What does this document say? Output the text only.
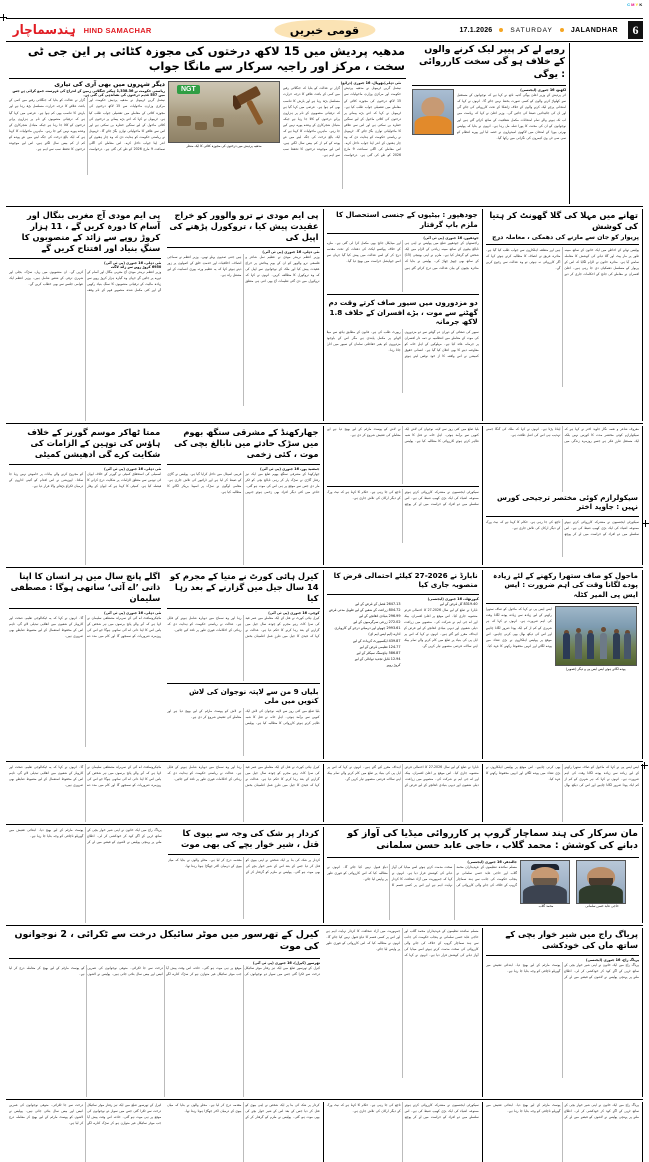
CMYK
ہِندسماچار HIND SAMACHAR	قومی خبریں	17.1.2026	SATURDAY	JALANDHAR	6
مدھیہ پردیش میں 15 لاکھ درختوں کی مجوزہ کٹائی پر این جی ٹی سخت ، مرکز اور راجیہ سرکار سے مانگا جواب
دیگر شہروں میں بھی آری کی تیاری
ریاستی حکومت نے 1,338.36 ہیکٹر جنگلاتی زمین کے اندراج کی فہرست جمع کرائی ہے جس میں 557 قدیم درختوں کی نشاندہی کی گئی ہے۔
نیشنل گرین ٹریبونل نے مدھیہ پردیش حکومت اور مرکزی وزارتِ ماحولیات سے 15 لاکھ درختوں کی مجوزہ کٹائی کے معاملے میں تفصیلی جواب طلب کیا ہے۔ ٹریبونل نے کہا کہ اتنے بڑے پیمانے پر درختوں کی کٹائی ماحول کے لیے سنگین خطرہ بن سکتی ہے اور اس سے علاقے کا ماحولیاتی توازن بگڑ جائے گا۔ ٹریبونل نے ریاستی حکومت کو ہدایت دی کہ وہ چار ہفتوں کے اندر اپنا جواب داخل کرے۔ اس معاملے کی اگلی سماعت 9 مارچ 2026 کو طے کی گئی ہے۔ درخواست گزار نے عدالت کو بتایا کہ جنگلاتی رقبے میں کمی کے باعث علاقے کا درجہ حرارت مسلسل بڑھ رہا ہے اور بارش کا تناسب بھی کم ہوا ہے۔ عرضی میں کہا گیا ہے کہ ترقیاتی منصوبوں کے نام پر ہزاروں پرانے درختوں کو کاٹا جا رہا ہے جبکہ متبادل شجرکاری کے وعدے پورے نہیں کیے جا رہے۔ ماہرینِ ماحولیات کا کہنا ہے کہ ایک بالغ درخت کی جگہ لینے میں نئے پودے کو کم از کم بیس سال لگتے ہیں، اس لیے موجودہ درختوں کا تحفظ سب سے اہم ہے۔
NGT
مدھیہ پردیش میں درختوں کی مجوزہ کٹائی کا ایک منظر
نئی دہلی/بھوپال، 16 جنوری (ذرائع)
نیشنل گرین ٹریبونل نے مدھیہ پردیش حکومت اور مرکزی وزارتِ ماحولیات سے 15 لاکھ درختوں کی مجوزہ کٹائی کے معاملے میں تفصیلی جواب طلب کیا ہے۔ ٹریبونل نے کہا کہ اتنے بڑے پیمانے پر درختوں کی کٹائی ماحول کے لیے سنگین خطرہ بن سکتی ہے اور اس سے علاقے کا ماحولیاتی توازن بگڑ جائے گا۔ ٹریبونل نے ریاستی حکومت کو ہدایت دی کہ وہ چار ہفتوں کے اندر اپنا جواب داخل کرے۔ اس معاملے کی اگلی سماعت 9 مارچ 2026 کو طے کی گئی ہے۔ درخواست گزار نے عدالت کو بتایا کہ جنگلاتی رقبے میں کمی کے باعث علاقے کا درجہ حرارت مسلسل بڑھ رہا ہے اور بارش کا تناسب بھی کم ہوا ہے۔ عرضی میں کہا گیا ہے کہ ترقیاتی منصوبوں کے نام پر ہزاروں پرانے درختوں کو کاٹا جا رہا ہے جبکہ متبادل شجرکاری کے وعدے پورے نہیں کیے جا رہے۔ ماہرینِ ماحولیات کا کہنا ہے کہ ایک بالغ درخت کی جگہ لینے میں نئے پودے کو کم از کم بیس سال لگتے ہیں، اس لیے موجودہ درختوں کا تحفظ سب سے اہم ہے۔
روپے لے کر پیپر لیک کرنے والوں کے خلاف ہو گی سخت کارروائی : یوگی
لکھنؤ، 16 جنوری (ایجنسی)
اتر پردیش کے وزیر اعلیٰ یوگی آدتیہ ناتھ نے کہا ہے کہ نوجوانوں کے مستقبل سے کھلواڑ کرنے والوں کو کسی صورت بخشا نہیں جائے گا۔ انہوں نے کہا کہ امتحانی پرچے لیک کرنے والوں کے خلاف رَاسُکا کے تحت کارروائی کی جائے گی اور ان کی جائیدادیں ضبط کی جائیں گی۔ وزیر اعلیٰ نے کہا کہ ریاست میں اب تک ہونے والے تمام امتحانات مکمل شفافیت کے ساتھ کرائے گئے ہیں اور نوجوانوں کو ان کی محنت کا پورا صلہ مل رہا ہے۔ انہوں نے بتایا کہ پولیس بھرتی بورڈ کے امتحان میں لاکھوں امیدواروں نے حصہ لیا اور پورے انتظام کو سی سی ٹی وی کیمروں کی نگرانی میں رکھا گیا۔
پی ایم مودی آج مغربی بنگال اور آسام کا دورہ کریں گے ، 11 ہزار کروڑ روپے سے زائد کے منصوبوں کا سنگِ بنیاد اور افتتاح کریں گے
نئی دہلی، 16 جنوری (پی ٹی آئی)
6950 کروڑ روپے سے زائد لاگت
وزیر اعظم نریندر مودی آج مغربی بنگال اور آسام کے دورے پر جائیں گے جہاں وہ گیارہ ہزار کروڑ روپے سے زیادہ مالیت کے ترقیاتی منصوبوں کا سنگِ بنیاد رکھیں گے اور کئی مکمل شدہ منصوبے قوم کے نام وقف کریں گے۔ ان منصوبوں میں ریل، سڑک، بجلی اور شہری ترقی کے شعبے شامل ہیں۔ وزیر اعظم ایک عوامی جلسے سے بھی خطاب کریں گے۔
پی ایم مودی نے ترو والوور کو خراج عقیدت پیش کیا ، تروکورل پڑھنے کی اپیل کی
نئی دہلی، 16 جنوری (پی ٹی آئی)
وزیر اعظم نریندر مودی نے عظیم تمل شاعر و فلسفی ترو والوور کو ان کے یومِ پیدائش پر خراج عقیدت پیش کیا اور ملک کے نوجوانوں سے اپیل کی کہ وہ تروکورل کا مطالعہ کریں۔ انہوں نے کہا کہ تروکورل میں دی گئی تعلیمات آج بھی اتنی ہی متعلق ہیں جتنی صدیوں پہلے تھیں۔ وزیر اعظم نے سماجی انصاف، اخلاقیات اور خدمتِ خلق کے اصولوں پر زور دیتے ہوئے کہا کہ یہ عظیم ورثہ پوری انسانیت کے لیے مشعلِ راہ ہے۔
جودھپور : بیٹیوں کے جنسی استحصال کا ملزم باپ گرفتار
جودھپور، 16 جنوری (پی ٹی آئی)
راجستھان کے جودھپور ضلع میں پولیس نے اپنی ہی نابالغ بیٹیوں کے ساتھ مبینہ زیادتی کے الزام میں ایک شخص کو گرفتار کیا ہے۔ ملزم نے اپنی بھتیجی (15) کے ساتھ بھی چھیڑ چھاڑ کی۔ پولیس نے بتایا کہ متاثرہ بچیوں کے بیان عدالت میں درج کرائے گئے ہیں اور میڈیکل جانچ بھی مکمل کرا لی گئی ہے۔ ملزم کے خلاف پوکسو ایکٹ کی دفعات کے تحت مقدمہ درج کر کے اسے عدالت میں پیش کیا گیا جہاں سے اسے جوڈیشل حراست میں بھیج دیا گیا۔
دو مزدوروں میں سیور صاف کرتے وقت دم گھٹنے سے موت ، بڑے افسران کے خلاف 1.8 لاکھ جرمانہ
سیور کی صفائی کے دوران دم گھٹنے سے دو مزدوروں کی موت کے معاملے میں انتظامیہ نے ذمہ دار افسران پر جرمانہ عائد کیا ہے۔ مہلوکین کے اہلِ خانہ کو معاوضہ دینے کا بھی اعلان کیا گیا ہے۔ انسانی حقوق کمیشن نے اس واقعہ کا از خود نوٹس لیتے ہوئے رپورٹ طلب کی ہے۔ قانون کے مطابق ہاتھ سے میلا اٹھانے پر مکمل پابندی ہے مگر اس کے باوجود مزدوروں کو بغیر حفاظتی سامان کے سیور میں اتارا جاتا رہا۔
تھانے میں مہلا کی گلا گھونٹ کر ہتیا کی کوشش
پریوار کو جان سے مارنے کی دھمکی ، معاملہ درج
پولیس تھانے کے احاطے میں ایک خاتون کے ساتھ مبینہ طور پر مار پیٹ اور گلا دبانے کی کوشش کا معاملہ سامنے آیا ہے۔ متاثرہ خاتون نے الزام لگایا کہ اس کے پریوار کو مسلسل دھمکیاں دی جا رہی ہیں۔ اعلیٰ افسران نے معاملے کی جانچ کے احکامات جاری کر دیے ہیں اور متعلقہ اہلکاروں سے جواب طلب کیا گیا ہے۔ متاثرہ فریق نے انصاف کا مطالبہ کرتے ہوئے کہا کہ اگر کارروائی نہ ہوئی تو وہ عدالت سے رجوع کریں گے۔
ممتا ٹھاکر موسم گورنر کے خلاف ہاؤس کی توہین کے الزامات کی شکایت کرے گی ادھیشن کمیٹی
نئی دہلی، 16 جنوری (پی ٹی آئی)
اسمبلی کی استحقاق کمیٹی نے گورنر کے خلاف ایوان کی توہین سے متعلق الزامات پر شکایت درج کرانے کا فیصلہ کیا ہے۔ کمیٹی کا کہنا ہے کہ ایوان کے وقار کو مجروح کرنے والے بیانات پر خاموش نہیں رہا جا سکتا۔ اپوزیشن نے اس اقدام کو آئینی اداروں کے درمیان ٹکراؤ بڑھانے والا قرار دیا ہے۔
جھارکھنڈ کے مشرقی سنگھ بھوم میں سڑک حادثے میں نابالغ بچی کی موت ، کئی زخمی
جمشید پور، 16 جنوری (پی ٹی آئی)
جھارکھنڈ کے مشرقی سنگھ بھوم ضلع میں ایک تیز رفتار گاڑی نے سڑک پار کر رہی نابالغ بچی کو ٹکر مار دی جس سے موقع پر ہی اس کی موت ہو گئی۔ حادثے میں کئی دیگر افراد بھی زخمی ہوئے جنہیں قریبی اسپتال میں داخل کرایا گیا ہے۔ پولیس نے گاڑی کو ضبط کر لیا ہے اور ڈرائیور کی تلاش جاری ہے۔ مقامی لوگوں نے سڑک پر اسپیڈ بریکر لگانے کا مطالبہ کیا ہے۔
بلیا ضلع میں کئی روز سے لاپتہ نوجوان کی لاش ایک کنویں سے برآمد ہوئی۔ اہلِ خانہ نے قتل کا شبہ ظاہر کرتے ہوئے کارروائی کا مطالبہ کیا ہے۔ پولیس نے لاش کو پوسٹ مارٹم کے لیے بھیج دیا ہے اور معاملے کی تفتیش شروع کر دی ہے۔
سیکورٹی ایجنسیوں نے مشترکہ کارروائی کرتے ہوئے ممنوعہ اشیاء کی ایک بڑی کھیپ ضبط کی ہے۔ اس سلسلے میں دو افراد کو حراست میں لے کر پوچھ تاچھ کی جا رہی ہے۔ حکام کا کہنا ہے کہ نیٹ ورک کے دیگر ارکان کی تلاش جاری ہے۔
معروف شاعر و نغمہ نگار جاوید اختر نے کہا ہے کہ سیکولرازم کوئی مختصر مدت کا کورس نہیں بلکہ ایک مستقل طرزِ فکر ہے جسے روزمرہ زندگی میں اپنانا پڑتا ہے۔ انہوں نے کہا کہ ملک کی گنگا جمنی تہذیب ہی اس کی اصل طاقت ہے۔
سیکولرازم کوئی مختصر ترجیحی کورس نہیں : جاوید اختر
سیکورٹی ایجنسیوں نے مشترکہ کارروائی کرتے ہوئے ممنوعہ اشیاء کی ایک بڑی کھیپ ضبط کی ہے۔ اس سلسلے میں دو افراد کو حراست میں لے کر پوچھ تاچھ کی جا رہی ہے۔ حکام کا کہنا ہے کہ نیٹ ورک کے دیگر ارکان کی تلاش جاری ہے۔
اگلے پانچ سال میں ہر انسان کا اپنا ذاتی ’اے آئی‘ ساتھی ہوگا : مصطفی سلیمان
نئی دہلی، 16 جنوری (پی ٹی آئی)
مائیکروسافٹ اے آئی کے سربراہ مصطفی سلیمان نے کہا ہے کہ آنے والے پانچ برسوں میں ہر شخص کے پاس اس کا اپنا ذاتی اے آئی ساتھی ہوگا جو اس کی روزمرہ ضروریات کو سمجھے گا اور کام میں مدد دے گا۔ انہوں نے کہا کہ یہ ٹیکنالوجی تعلیم، صحت اور کاروبار کے شعبوں میں انقلابی تبدیلی لائے گی، تاہم اس کے محفوظ استعمال کے لیے مضبوط ضابطے بھی ضروری ہیں۔
کیرل ہائی کورٹ نے متیا کے مجرم کو 14 سال جیل میں گزارنے کے بعد رہا کیا
کوچی، 16 جنوری (پی ٹی آئی)
کیرل ہائی کورٹ نے قتل کے ایک معاملے میں عمر قید کی سزا کاٹ رہے مجرم کو چودہ سال جیل میں گزارنے کے بعد رہا کرنے کا حکم دیا ہے۔ عدالت نے کہا کہ قیدی کا جیل میں طرزِ عمل اطمینان بخش رہا اور وہ سماج میں دوبارہ شامل ہونے کے قابل ہے۔ عدالت نے ریاستی حکومت کو ہدایت دی کہ رہائی کے احکامات فوری طور پر نافذ کیے جائیں۔
بلیاں 9 من سے لاپتہ نوجوان کی لاش کنویں میں ملی
بلیا ضلع میں کئی روز سے لاپتہ نوجوان کی لاش ایک کنویں سے برآمد ہوئی۔ اہلِ خانہ نے قتل کا شبہ ظاہر کرتے ہوئے کارروائی کا مطالبہ کیا ہے۔ پولیس نے لاش کو پوسٹ مارٹم کے لیے بھیج دیا ہے اور معاملے کی تفتیش شروع کر دی ہے۔
نابارڈ نے 2026-27 کیلئے احتمالی قرض کا منصوبہ جاری کیا
کپورتھلہ، 16 جنوری (ایجنسی)
2647.13 فصل کے قرض کے لیے
804.72 زراعت کے شعبے کے لیے طویل مدتی قرض
296.99 بنیادی ڈھانچے کے لیے
272.02 زرعی سرگرمیوں کے لیے
2993.61 چھوٹے اور درمیانے درجے کے کاروباری ادارے (ایم ایس ایم ای)
439.87 ایکسپورٹ کریڈٹ کے لیے
124.77 تعلیمی قرض کے لیے
586.87 ہاؤسنگ سیکٹر کے لیے
12.94 قابلِ تجدید توانائی کے لیے
کروڑ روپے
8319.40 کل قرض کے لیے
نابارڈ نے ضلع کے لیے سال 2026-27 کا احتمالی قرض منصوبہ جاری کیا۔ اس موقع پر اعلیٰ افسران، بینک اور اے جی ایم نے شرکت کی۔ منصوبے میں زراعت، ذیلی شعبوں اور دیہی بنیادی ڈھانچے کے لیے قرض کے اہداف مقرر کیے گئے ہیں۔ انہوں نے کہا کہ اس پی ایل پی کی بنیاد پر ضلع میں کام کرنے والے تمام بینک اپنے سالانہ قرضی منصوبے تیار کریں گے۔
ماحول کو صاف ستھرا رکھنے کے لئے زیادہ پودے لگانا وقت کی اہم ضرورت : ایس ایس پی المیر کٹلہ
ایس ایس پی نے کہا کہ ماحول کو صاف ستھرا رکھنے کے لیے زیادہ سے زیادہ پودے لگانا وقت کی اہم ضرورت ہے۔ انہوں نے کہا کہ ہر شہری کو کم از کم ایک پودا ضرور لگانا چاہیے اور اس کی دیکھ بھال بھی کرنی چاہیے۔ اس موقع پر پولیس اہلکاروں نے بڑی تعداد میں پودے لگائے اور انہیں محفوظ رکھنے کا عہد کیا۔
پودے لگاتے ہوئے ایس ایس پی و دیگر (تصویر)
مائیکروسافٹ اے آئی کے سربراہ مصطفی سلیمان نے کہا ہے کہ آنے والے پانچ برسوں میں ہر شخص کے پاس اس کا اپنا ذاتی اے آئی ساتھی ہوگا جو اس کی روزمرہ ضروریات کو سمجھے گا اور کام میں مدد دے گا۔ انہوں نے کہا کہ یہ ٹیکنالوجی تعلیم، صحت اور کاروبار کے شعبوں میں انقلابی تبدیلی لائے گی، تاہم اس کے محفوظ استعمال کے لیے مضبوط ضابطے بھی ضروری ہیں۔
کیرل ہائی کورٹ نے قتل کے ایک معاملے میں عمر قید کی سزا کاٹ رہے مجرم کو چودہ سال جیل میں گزارنے کے بعد رہا کرنے کا حکم دیا ہے۔ عدالت نے کہا کہ قیدی کا جیل میں طرزِ عمل اطمینان بخش رہا اور وہ سماج میں دوبارہ شامل ہونے کے قابل ہے۔ عدالت نے ریاستی حکومت کو ہدایت دی کہ رہائی کے احکامات فوری طور پر نافذ کیے جائیں۔
نابارڈ نے ضلع کے لیے سال 2026-27 کا احتمالی قرض منصوبہ جاری کیا۔ اس موقع پر اعلیٰ افسران، بینک اور اے جی ایم نے شرکت کی۔ منصوبے میں زراعت، ذیلی شعبوں اور دیہی بنیادی ڈھانچے کے لیے قرض کے اہداف مقرر کیے گئے ہیں۔ انہوں نے کہا کہ اس پی ایل پی کی بنیاد پر ضلع میں کام کرنے والے تمام بینک اپنے سالانہ قرضی منصوبے تیار کریں گے۔
ایس ایس پی نے کہا کہ ماحول کو صاف ستھرا رکھنے کے لیے زیادہ سے زیادہ پودے لگانا وقت کی اہم ضرورت ہے۔ انہوں نے کہا کہ ہر شہری کو کم از کم ایک پودا ضرور لگانا چاہیے اور اس کی دیکھ بھال بھی کرنی چاہیے۔ اس موقع پر پولیس اہلکاروں نے بڑی تعداد میں پودے لگائے اور انہیں محفوظ رکھنے کا عہد کیا۔
پریاگ راج میں ایک خاتون نے اپنی شیر خوار بچی کے ساتھ ٹرین کے آگے کود کر خودکشی کر لی۔ اطلاع ملنے پر پہنچی پولیس نے لاشوں کو قبضے میں لے کر پوسٹ مارٹم کے لیے بھیج دیا۔ ابتدائی تفتیش میں گھریلو ناچاقی کو وجہ بتایا جا رہا ہے۔	کردار پر شک کی وجہ سے بیوی کا قتل ، شیر خوار بچے کی بھی موت
کردار پر شک کی بنا پر ایک شخص نے اپنی بیوی کو قتل کر دیا جس کے بعد اس کے شیر خوار بچے کی بھی موت ہو گئی۔ پولیس نے ملزم کو گرفتار کر کے مقدمہ درج کر لیا ہے۔ محلے والوں نے بتایا کہ میاں بیوی کے درمیان اکثر جھگڑا ہوتا رہتا تھا۔
مان سرکار کی ہند سماچار گروپ پر کارروائی میڈیا کی آواز کو دبانے کی کوشش : محمد گلاب ، حاجی عابد حسن سلمانی
جالندھر، 16 جنوری (ایجنسی)
مسلم نمائندہ تنظیموں کے عہدیداران محمد گلاب اور حاجی عابد حسن سلمانی نے پنجاب حکومت کی جانب سے ہند سماچار گروپ کے خلاف کی جانے والی کارروائی کی سخت مذمت کرتے ہوئے اسے میڈیا کی آواز دبانے کی کوشش قرار دیا ہے۔ انہوں نے کہا کہ جمہوریت میں آزاد صحافت کا کردار نہایت اہم ہے اور اس پر کسی قسم کا دباؤ قبول نہیں کیا جائے گا۔ انہوں نے مطالبہ کیا کہ اس کارروائی کو فوری طور پر واپس لیا جائے۔
محمد گلاب	حاجی عابد حسن سلمانی
کیرل کے تھرسور میں موٹر سائیکل درخت سے ٹکرائی ، 2 نوجوانوں کی موت
تھرسور (کیرل)، 16 جنوری (پی ٹی آئی)
کیرل کے تھرسور ضلع میں ایک تیز رفتار موٹر سائیکل درخت سے ٹکرا گئی جس میں سوار دو نوجوانوں کی موقع پر ہی موت ہو گئی۔ حادثہ اس وقت پیش آیا جب موٹر سائیکل غیر متوازن ہو کر سڑک کنارے لگے درخت سے جا ٹکرائی۔ متوفی نوجوانوں کی عمریں انیس اور بیس سال بتائی جاتی ہیں۔ پولیس نے لاشوں کو پوسٹ مارٹم کے لیے بھیج کر معاملہ درج کر لیا ہے۔
مسلم نمائندہ تنظیموں کے عہدیداران محمد گلاب اور حاجی عابد حسن سلمانی نے پنجاب حکومت کی جانب سے ہند سماچار گروپ کے خلاف کی جانے والی کارروائی کی سخت مذمت کرتے ہوئے اسے میڈیا کی آواز دبانے کی کوشش قرار دیا ہے۔ انہوں نے کہا کہ جمہوریت میں آزاد صحافت کا کردار نہایت اہم ہے اور اس پر کسی قسم کا دباؤ قبول نہیں کیا جائے گا۔ انہوں نے مطالبہ کیا کہ اس کارروائی کو فوری طور پر واپس لیا جائے۔
پریاگ راج میں شیر خوار بچی کے ساتھ ماں کی خودکشی
پریاگ راج، 16 جنوری (ایجنسی)
پریاگ راج میں ایک خاتون نے اپنی شیر خوار بچی کے ساتھ ٹرین کے آگے کود کر خودکشی کر لی۔ اطلاع ملنے پر پہنچی پولیس نے لاشوں کو قبضے میں لے کر پوسٹ مارٹم کے لیے بھیج دیا۔ ابتدائی تفتیش میں گھریلو ناچاقی کو وجہ بتایا جا رہا ہے۔
کیرل کے تھرسور ضلع میں ایک تیز رفتار موٹر سائیکل درخت سے ٹکرا گئی جس میں سوار دو نوجوانوں کی موقع پر ہی موت ہو گئی۔ حادثہ اس وقت پیش آیا جب موٹر سائیکل غیر متوازن ہو کر سڑک کنارے لگے درخت سے جا ٹکرائی۔ متوفی نوجوانوں کی عمریں انیس اور بیس سال بتائی جاتی ہیں۔ پولیس نے لاشوں کو پوسٹ مارٹم کے لیے بھیج کر معاملہ درج کر لیا ہے۔
کردار پر شک کی بنا پر ایک شخص نے اپنی بیوی کو قتل کر دیا جس کے بعد اس کے شیر خوار بچے کی بھی موت ہو گئی۔ پولیس نے ملزم کو گرفتار کر کے مقدمہ درج کر لیا ہے۔ محلے والوں نے بتایا کہ میاں بیوی کے درمیان اکثر جھگڑا ہوتا رہتا تھا۔
سیکورٹی ایجنسیوں نے مشترکہ کارروائی کرتے ہوئے ممنوعہ اشیاء کی ایک بڑی کھیپ ضبط کی ہے۔ اس سلسلے میں دو افراد کو حراست میں لے کر پوچھ تاچھ کی جا رہی ہے۔ حکام کا کہنا ہے کہ نیٹ ورک کے دیگر ارکان کی تلاش جاری ہے۔
پریاگ راج میں ایک خاتون نے اپنی شیر خوار بچی کے ساتھ ٹرین کے آگے کود کر خودکشی کر لی۔ اطلاع ملنے پر پہنچی پولیس نے لاشوں کو قبضے میں لے کر پوسٹ مارٹم کے لیے بھیج دیا۔ ابتدائی تفتیش میں گھریلو ناچاقی کو وجہ بتایا جا رہا ہے۔
